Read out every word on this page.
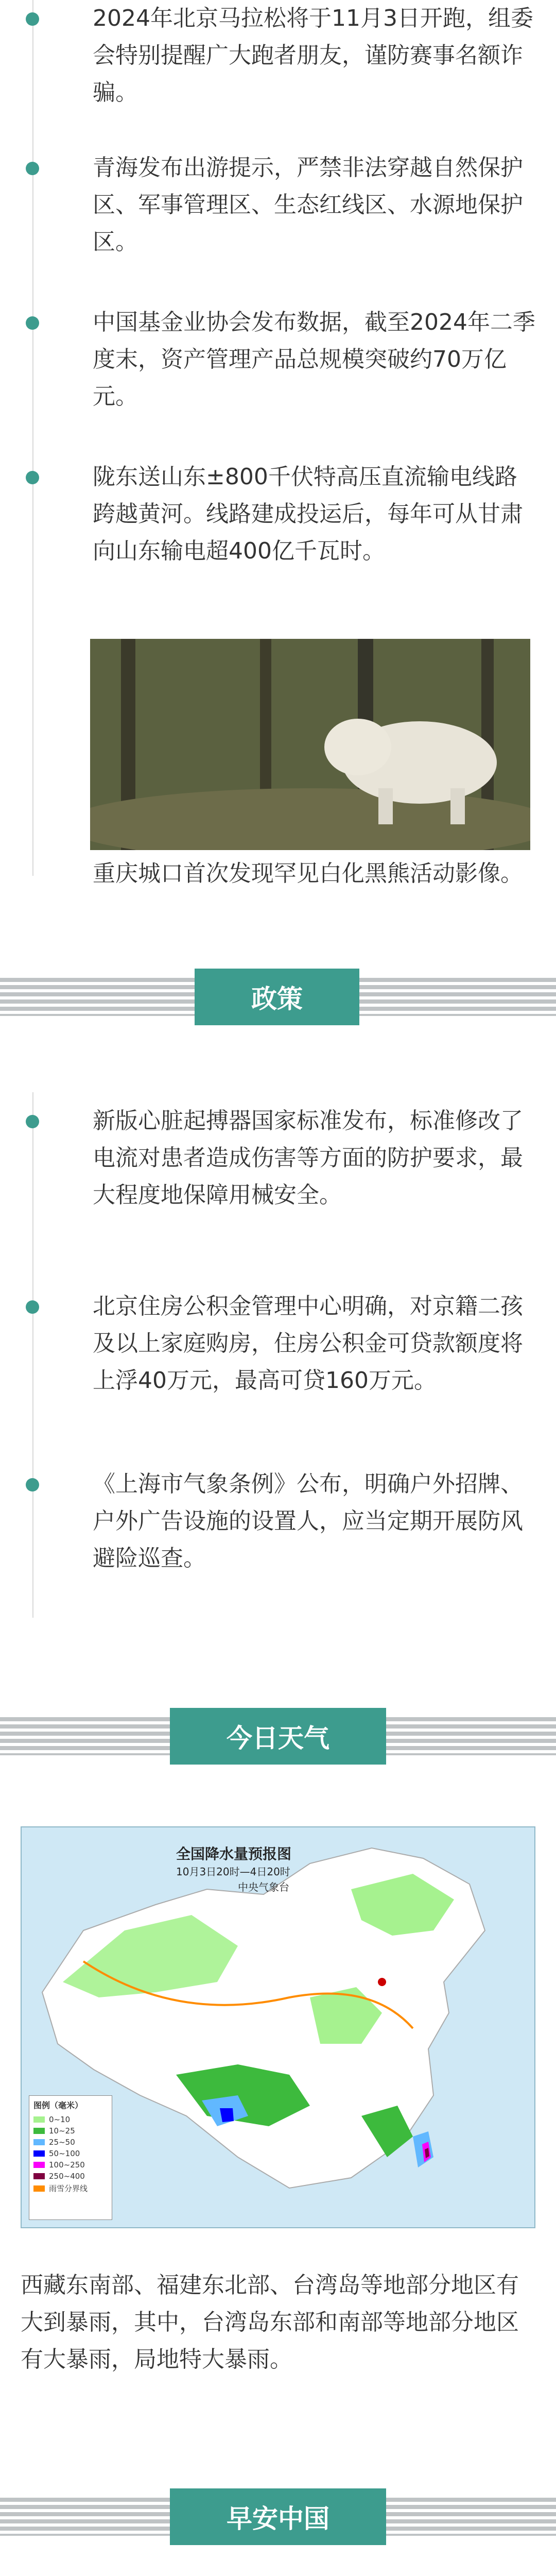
2024年北京马拉松将于11月3日开跑，组委会特别提醒广大跑者朋友，谨防赛事名额诈骗。
青海发布出游提示，严禁非法穿越自然保护区、军事管理区、生态红线区、水源地保护区。
中国基金业协会发布数据，截至2024年二季度末，资产管理产品总规模突破约70万亿元。
陇东送山东±800千伏特高压直流输电线路跨越黄河。线路建成投运后，每年可从甘肃向山东输电超400亿千瓦时。
重庆城口首次发现罕见白化黑熊活动影像。
政策
新版心脏起搏器国家标准发布，标准修改了电流对患者造成伤害等方面的防护要求，最大程度地保障用械安全。
北京住房公积金管理中心明确，对京籍二孩及以上家庭购房，住房公积金可贷款额度将上浮40万元，最高可贷160万元。
《上海市气象条例》公布，明确户外招牌、户外广告设施的设置人，应当定期开展防风避险巡查。
今日天气
全国降水量预报图
10月3日20时—4日20时
中央气象台
图例（毫米）
0~10
10~25
25~50
50~100
100~250
250~400
雨雪分界线
西藏东南部、福建东北部、台湾岛等地部分地区有大到暴雨，其中，台湾岛东部和南部等地部分地区有大暴雨，局地特大暴雨。
早安中国
